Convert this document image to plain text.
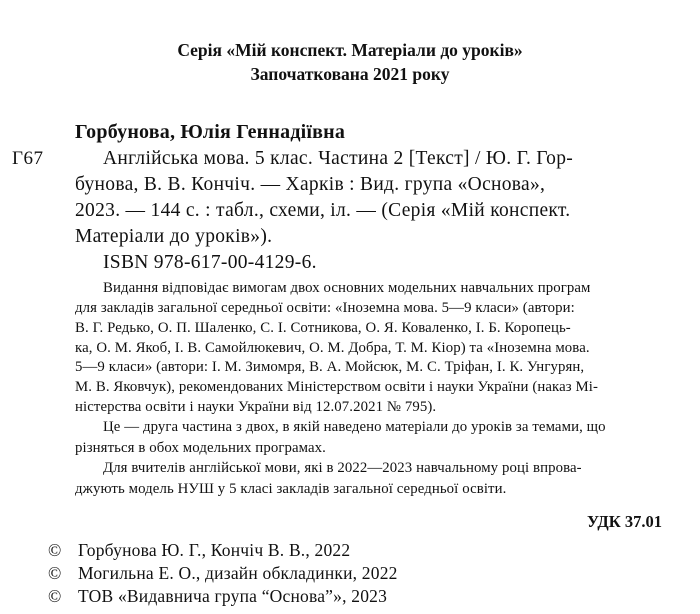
Серія «Мій конспект. Матеріали до уроків»
Започаткована 2021 року
Горбунова, Юлія Геннадіївна
Г67	Англійська мова. 5 клас. Частина 2 [Текст] / Ю. Г. Гор-
бунова, В. В. Кончіч. — Харків : Вид. група «Основа»,
2023. — 144 с. : табл., схеми, іл. — (Серія «Мій конспект.
Матеріали до уроків»).
ISBN 978-617-00-4129-6.
Видання відповідає вимогам двох основних модельних навчальних програм
для закладів загальної середньої освіти: «Іноземна мова. 5—9 класи» (автори:
В. Г. Редько, О. П. Шаленко, С. І. Сотникова, О. Я. Коваленко, І. Б. Коропець-
ка, О. М. Якоб, І. В. Самойлюкевич, О. М. Добра, Т. М. Кіор) та «Іноземна мова.
5—9 класи» (автори: І. М. Зимомря, В. А. Мойсюк, М. С. Тріфан, І. К. Унгурян,
М. В. Яковчук), рекомендованих Міністерством освіти і науки України (наказ Мі-
ністерства освіти і науки України від 12.07.2021 № 795).
Це — друга частина з двох, в якій наведено матеріали до уроків за темами, що
різняться в обох модельних програмах.
Для вчителів англійської мови, які в 2022—2023 навчальному році впрова-
джують модель НУШ у 5 класі закладів загальної середньої освіти.
УДК 37.01
© Горбунова Ю. Г., Кончіч В. В., 2022
© Могильна Е. О., дизайн обкладинки, 2022
© ТОВ «Видавнича група “Основа”», 2023
